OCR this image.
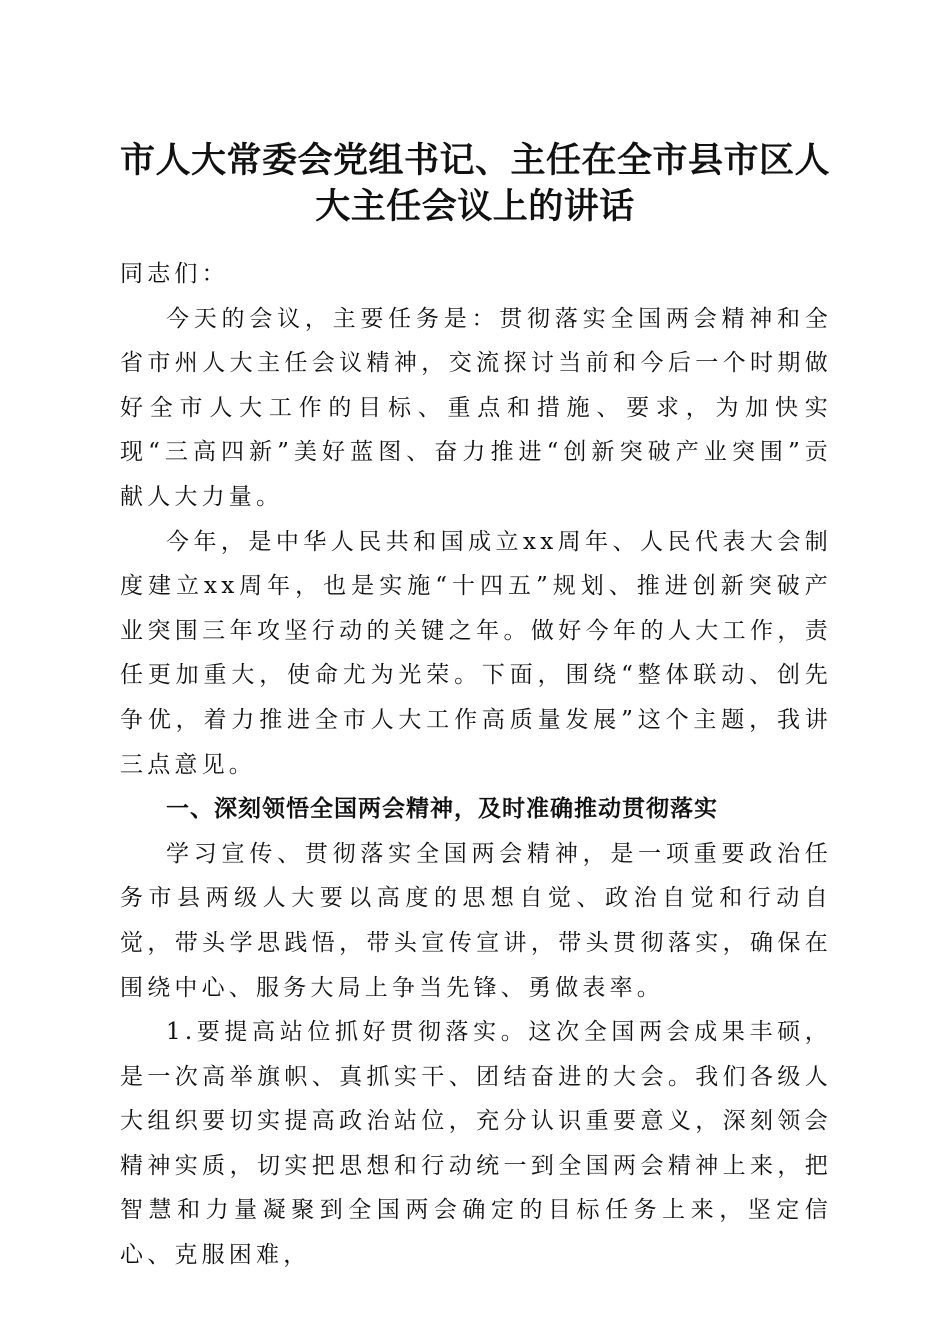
市人大常委会党组书记、主任在全市县市区人
大主任会议上的讲话

同志们：

今天的会议，主要任务是：贯彻落实全国两会精神和全省市州人大主任会议精神，交流探讨当前和今后一个时期做好全市人大工作的目标、重点和措施、要求，为加快实现“三高四新”美好蓝图、奋力推进“创新突破产业突围”贡献人大力量。

今年，是中华人民共和国成立xx周年、人民代表大会制度建立xx周年，也是实施“十四五”规划、推进创新突破产业突围三年攻坚行动的关键之年。做好今年的人大工作，责任更加重大，使命尤为光荣。下面，围绕“整体联动、创先争优，着力推进全市人大工作高质量发展”这个主题，我讲三点意见。

一、深刻领悟全国两会精神，及时准确推动贯彻落实

学习宣传、贯彻落实全国两会精神，是一项重要政治任务市县两级人大要以高度的思想自觉、政治自觉和行动自觉，带头学思践悟，带头宣传宣讲，带头贯彻落实，确保在围绕中心、服务大局上争当先锋、勇做表率。

1.要提高站位抓好贯彻落实。这次全国两会成果丰硕，是一次高举旗帜、真抓实干、团结奋进的大会。我们各级人大组织要切实提高政治站位，充分认识重要意义，深刻领会精神实质，切实把思想和行动统一到全国两会精神上来，把智慧和力量凝聚到全国两会确定的目标任务上来，坚定信心、克服困难，
